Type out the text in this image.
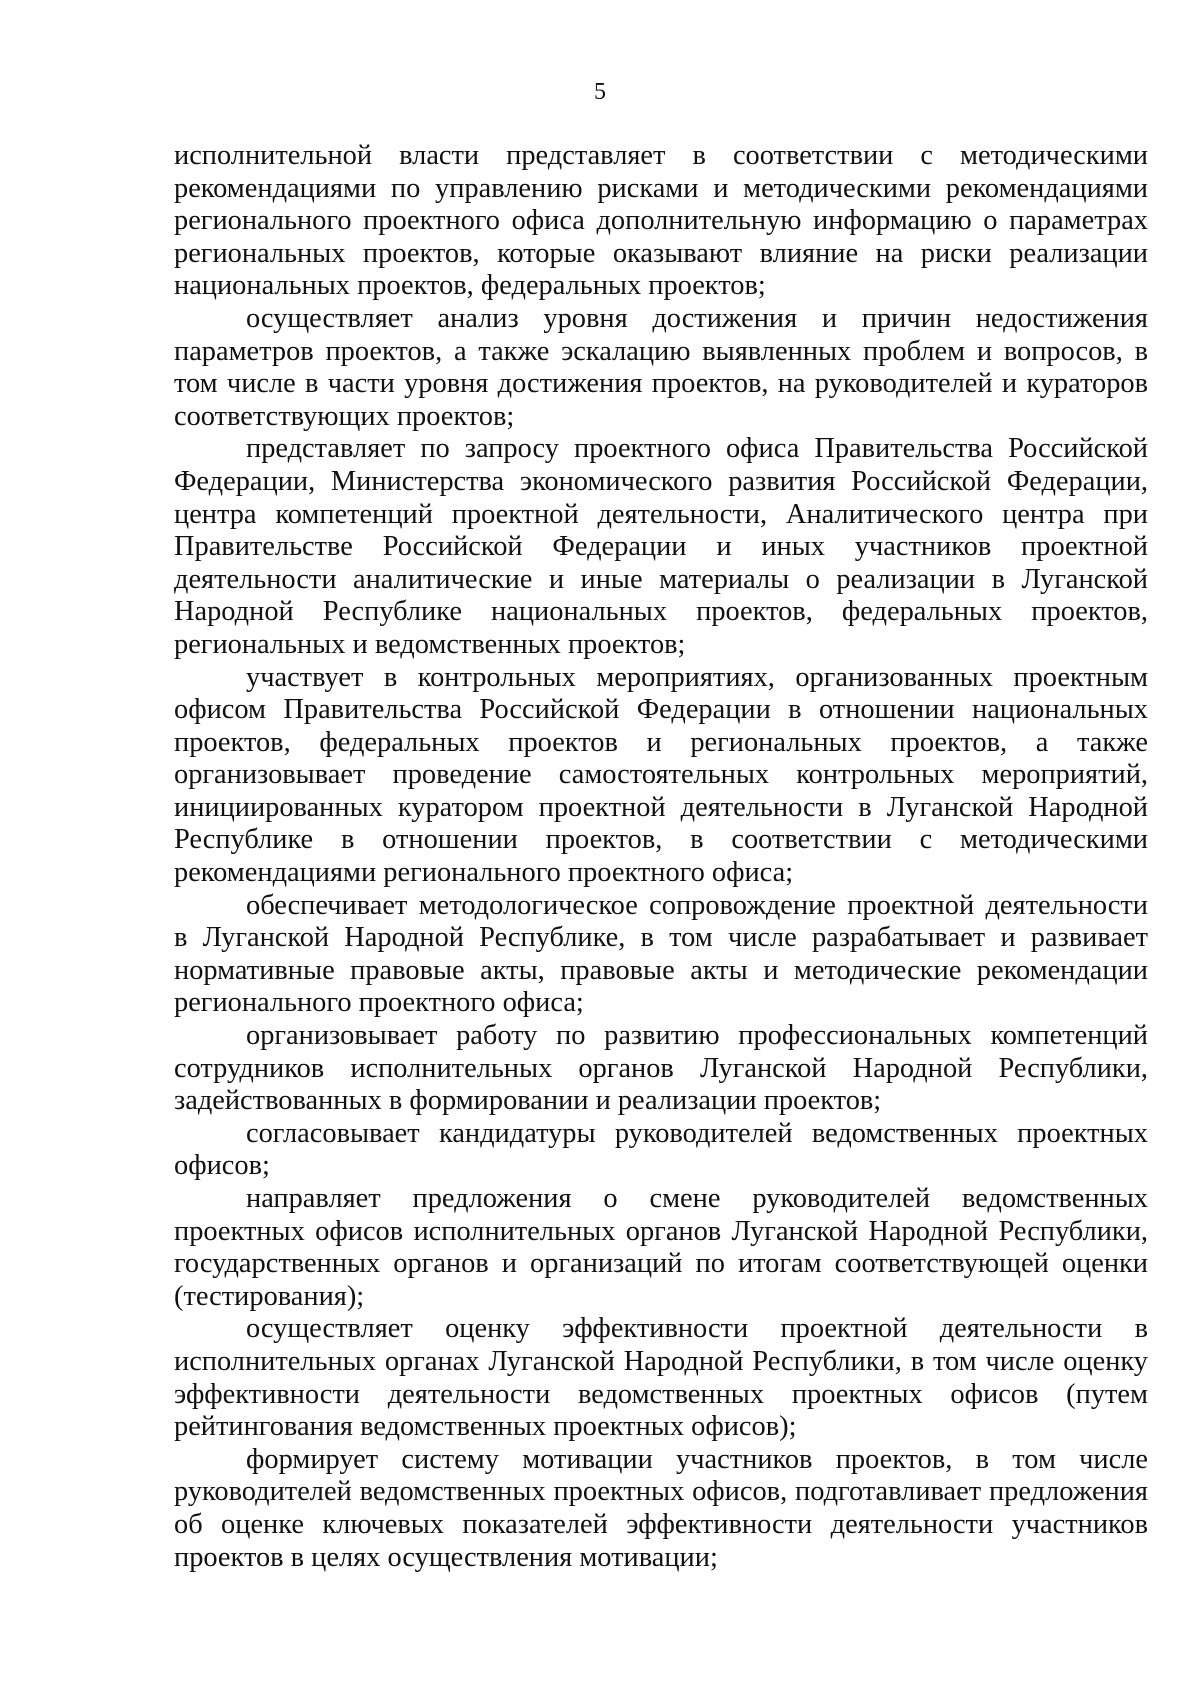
5

исполнительной власти представляет в соответствии с методическими рекомендациями по управлению рисками и методическими рекомендациями регионального проектного офиса дополнительную информацию о параметрах региональных проектов, которые оказывают влияние на риски реализации национальных проектов, федеральных проектов;

осуществляет анализ уровня достижения и причин недостижения параметров проектов, а также эскалацию выявленных проблем и вопросов, в том числе в части уровня достижения проектов, на руководителей и кураторов соответствующих проектов;

представляет по запросу проектного офиса Правительства Российской Федерации, Министерства экономического развития Российской Федерации, центра компетенций проектной деятельности, Аналитического центра при Правительстве Российской Федерации и иных участников проектной деятельности аналитические и иные материалы о реализации в Луганской Народной Республике национальных проектов, федеральных проектов, региональных и ведомственных проектов;

участвует в контрольных мероприятиях, организованных проектным офисом Правительства Российской Федерации в отношении национальных проектов, федеральных проектов и региональных проектов, а также организовывает проведение самостоятельных контрольных мероприятий, инициированных куратором проектной деятельности в Луганской Народной Республике в отношении проектов, в соответствии с методическими рекомендациями регионального проектного офиса;

обеспечивает методологическое сопровождение проектной деятельности в Луганской Народной Республике, в том числе разрабатывает и развивает нормативные правовые акты, правовые акты и методические рекомендации регионального проектного офиса;

организовывает работу по развитию профессиональных компетенций сотрудников исполнительных органов Луганской Народной Республики, задействованных в формировании и реализации проектов;

согласовывает кандидатуры руководителей ведомственных проектных офисов;

направляет предложения о смене руководителей ведомственных проектных офисов исполнительных органов Луганской Народной Республики, государственных органов и организаций по итогам соответствующей оценки (тестирования);

осуществляет оценку эффективности проектной деятельности в исполнительных органах Луганской Народной Республики, в том числе оценку эффективности деятельности ведомственных проектных офисов (путем рейтингования ведомственных проектных офисов);

формирует систему мотивации участников проектов, в том числе руководителей ведомственных проектных офисов, подготавливает предложения об оценке ключевых показателей эффективности деятельности участников проектов в целях осуществления мотивации;
